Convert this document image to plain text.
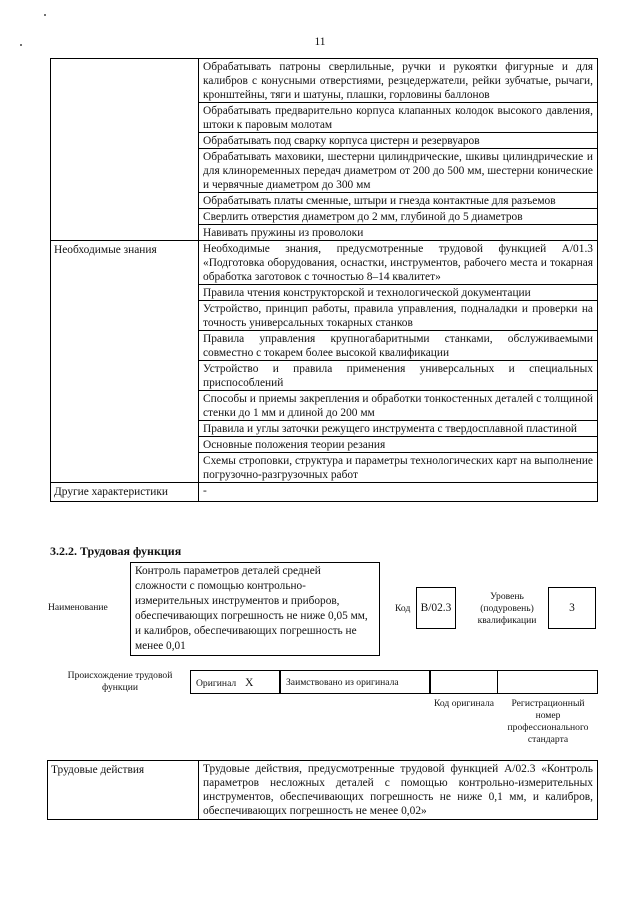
11
	Обрабатывать патроны сверлильные, ручки и рукоятки фигурные и для калибров с конусными отверстиями, резцедержатели, рейки зубчатые, рычаги, кронштейны, тяги и шатуны, плашки, горловины баллонов
	Обрабатывать предварительно корпуса клапанных колодок высокого давления, штоки к паровым молотам
	Обрабатывать под сварку корпуса цистерн и резервуаров
	Обрабатывать маховики, шестерни цилиндрические, шкивы цилиндрические и для клиноременных передач диаметром от 200 до 500 мм, шестерни конические и червячные диаметром до 300 мм
	Обрабатывать платы сменные, штыри и гнезда контактные для разъемов
	Сверлить отверстия диаметром до 2 мм, глубиной до 5 диаметров
	Навивать пружины из проволоки
Необходимые знания	Необходимые знания, предусмотренные трудовой функцией А/01.3 «Подготовка оборудования, оснастки, инструментов, рабочего места и токарная обработка заготовок с точностью 8–14 квалитет»
	Правила чтения конструкторской и технологической документации
	Устройство, принцип работы, правила управления, подналадки и проверки на точность универсальных токарных станков
	Правила управления крупногабаритными станками, обслуживаемыми совместно с токарем более высокой квалификации
	Устройство и правила применения универсальных и специальных приспособлений
	Способы и приемы закрепления и обработки тонкостенных деталей с толщиной стенки до 1 мм и длиной до 200 мм
	Правила и углы заточки режущего инструмента с твердосплавной пластиной
	Основные положения теории резания
	Схемы строповки, структура и параметры технологических карт на выполнение погрузочно-разгрузочных работ
Другие характеристики	-
3.2.2. Трудовая функция
Наименование
Контроль параметров деталей средней сложности с помощью контрольно-измерительных инструментов и приборов, обеспечивающих погрешность не ниже 0,05 мм, и калибров, обеспечивающих погрешность не менее 0,01
Код B/02.3
Уровень (подуровень) квалификации
3
Происхождение трудовой функции	Оригинал X	Заимствовано из оригинала
Код оригинала	Регистрационный номер профессионального стандарта
Трудовые действия	Трудовые действия, предусмотренные трудовой функцией А/02.3 «Контроль параметров несложных деталей с помощью контрольно-измерительных инструментов, обеспечивающих погрешность не ниже 0,1 мм, и калибров, обеспечивающих погрешность не менее 0,02»
